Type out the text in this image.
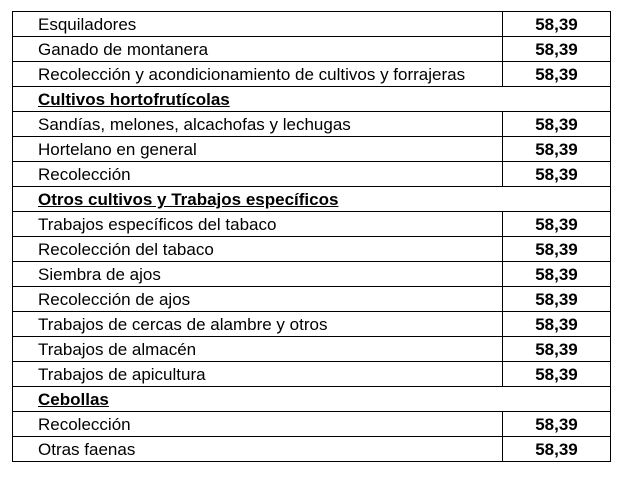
Esquiladores	58,39
Ganado de montanera	58,39
Recolección y acondicionamiento de cultivos y forrajeras	58,39
Cultivos hortofrutícolas	
Sandías, melones, alcachofas y lechugas	58,39
Hortelano en general	58,39
Recolección	58,39
Otros cultivos y Trabajos específicos	
Trabajos específicos del tabaco	58,39
Recolección del tabaco	58,39
Siembra de ajos	58,39
Recolección de ajos	58,39
Trabajos de cercas de alambre y otros	58,39
Trabajos de almacén	58,39
Trabajos de apicultura	58,39
Cebollas	
Recolección	58,39
Otras faenas	58,39
